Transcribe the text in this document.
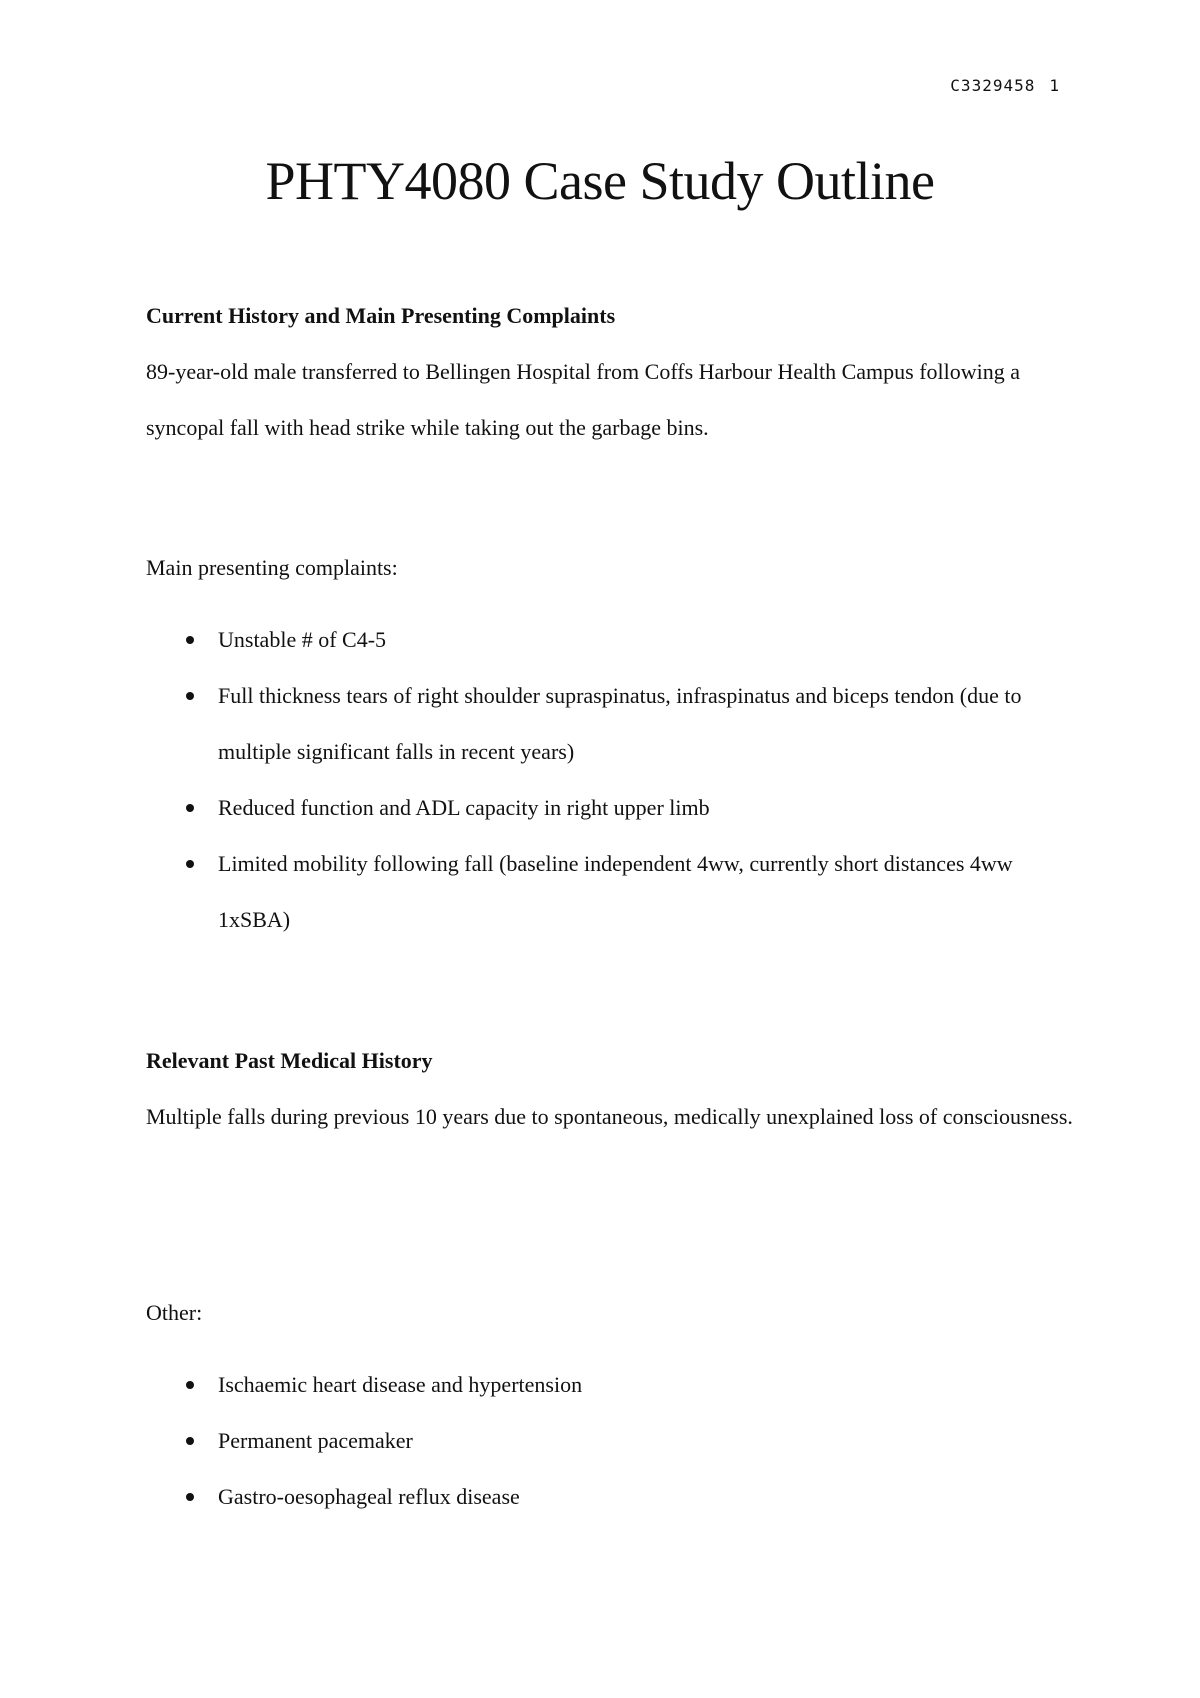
C3329458 1
PHTY4080 Case Study Outline

Current History and Main Presenting Complaints

89-year-old male transferred to Bellingen Hospital from Coffs Harbour Health Campus following a syncopal fall with head strike while taking out the garbage bins.

Main presenting complaints:

Unstable # of C4-5
Full thickness tears of right shoulder supraspinatus, infraspinatus and biceps tendon (due to multiple significant falls in recent years)
Reduced function and ADL capacity in right upper limb
Limited mobility following fall (baseline independent 4ww, currently short distances 4ww 1xSBA)

Relevant Past Medical History

Multiple falls during previous 10 years due to spontaneous, medically unexplained loss of consciousness.

Other:

Ischaemic heart disease and hypertension
Permanent pacemaker
Gastro-oesophageal reflux disease
